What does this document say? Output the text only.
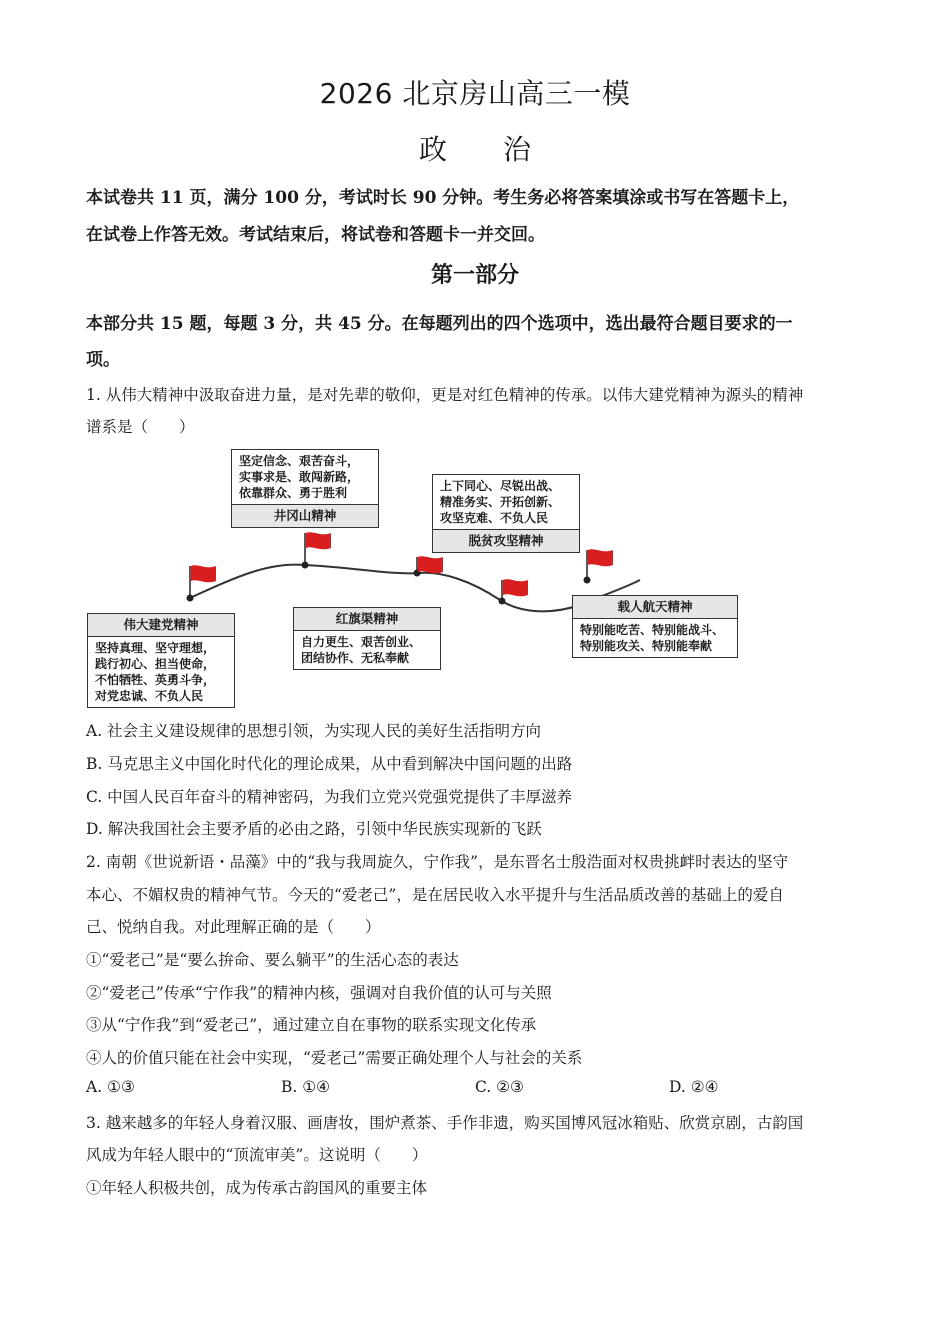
2026 北京房山高三一模
政　　治
本试卷共 11 页，满分 100 分，考试时长 90 分钟。考生务必将答案填涂或书写在答题卡上，
在试卷上作答无效。考试结束后，将试卷和答题卡一并交回。
第一部分
本部分共 15 题，每题 3 分，共 45 分。在每题列出的四个选项中，选出最符合题目要求的一
项。
1. 从伟大精神中汲取奋进力量，是对先辈的敬仰，更是对红色精神的传承。以伟大建党精神为源头的精神
谱系是（　　）
坚定信念、艰苦奋斗，
实事求是、敢闯新路，
依靠群众、勇于胜利
井冈山精神
上下同心、尽锐出战、
精准务实、开拓创新、
攻坚克难、不负人民
脱贫攻坚精神
伟大建党精神
坚持真理、坚守理想，
践行初心、担当使命，
不怕牺牲、英勇斗争，
对党忠诚、不负人民
红旗渠精神
自力更生、艰苦创业、
团结协作、无私奉献
载人航天精神
特别能吃苦、特别能战斗、
特别能攻关、特别能奉献
A. 社会主义建设规律的思想引领，为实现人民的美好生活指明方向
B. 马克思主义中国化时代化的理论成果，从中看到解决中国问题的出路
C. 中国人民百年奋斗的精神密码，为我们立党兴党强党提供了丰厚滋养
D. 解决我国社会主要矛盾的必由之路，引领中华民族实现新的飞跃
2. 南朝《世说新语・品藻》中的“我与我周旋久，宁作我”，是东晋名士殷浩面对权贵挑衅时表达的坚守
本心、不媚权贵的精神气节。今天的“爱老己”，是在居民收入水平提升与生活品质改善的基础上的爱自
己、悦纳自我。对此理解正确的是（　　）
①“爱老己”是“要么拚命、要么躺平”的生活心态的表达
②“爱老己”传承“宁作我”的精神内核，强调对自我价值的认可与关照
③从“宁作我”到“爱老己”，通过建立自在事物的联系实现文化传承
④人的价值只能在社会中实现，“爱老己”需要正确处理个人与社会的关系
A. ①③	B. ①④	C. ②③	D. ②④
3. 越来越多的年轻人身着汉服、画唐妆，围炉煮茶、手作非遗，购买国博风冠冰箱贴、欣赏京剧，古韵国
风成为年轻人眼中的“顶流审美”。这说明（　　）
①年轻人积极共创，成为传承古韵国风的重要主体
